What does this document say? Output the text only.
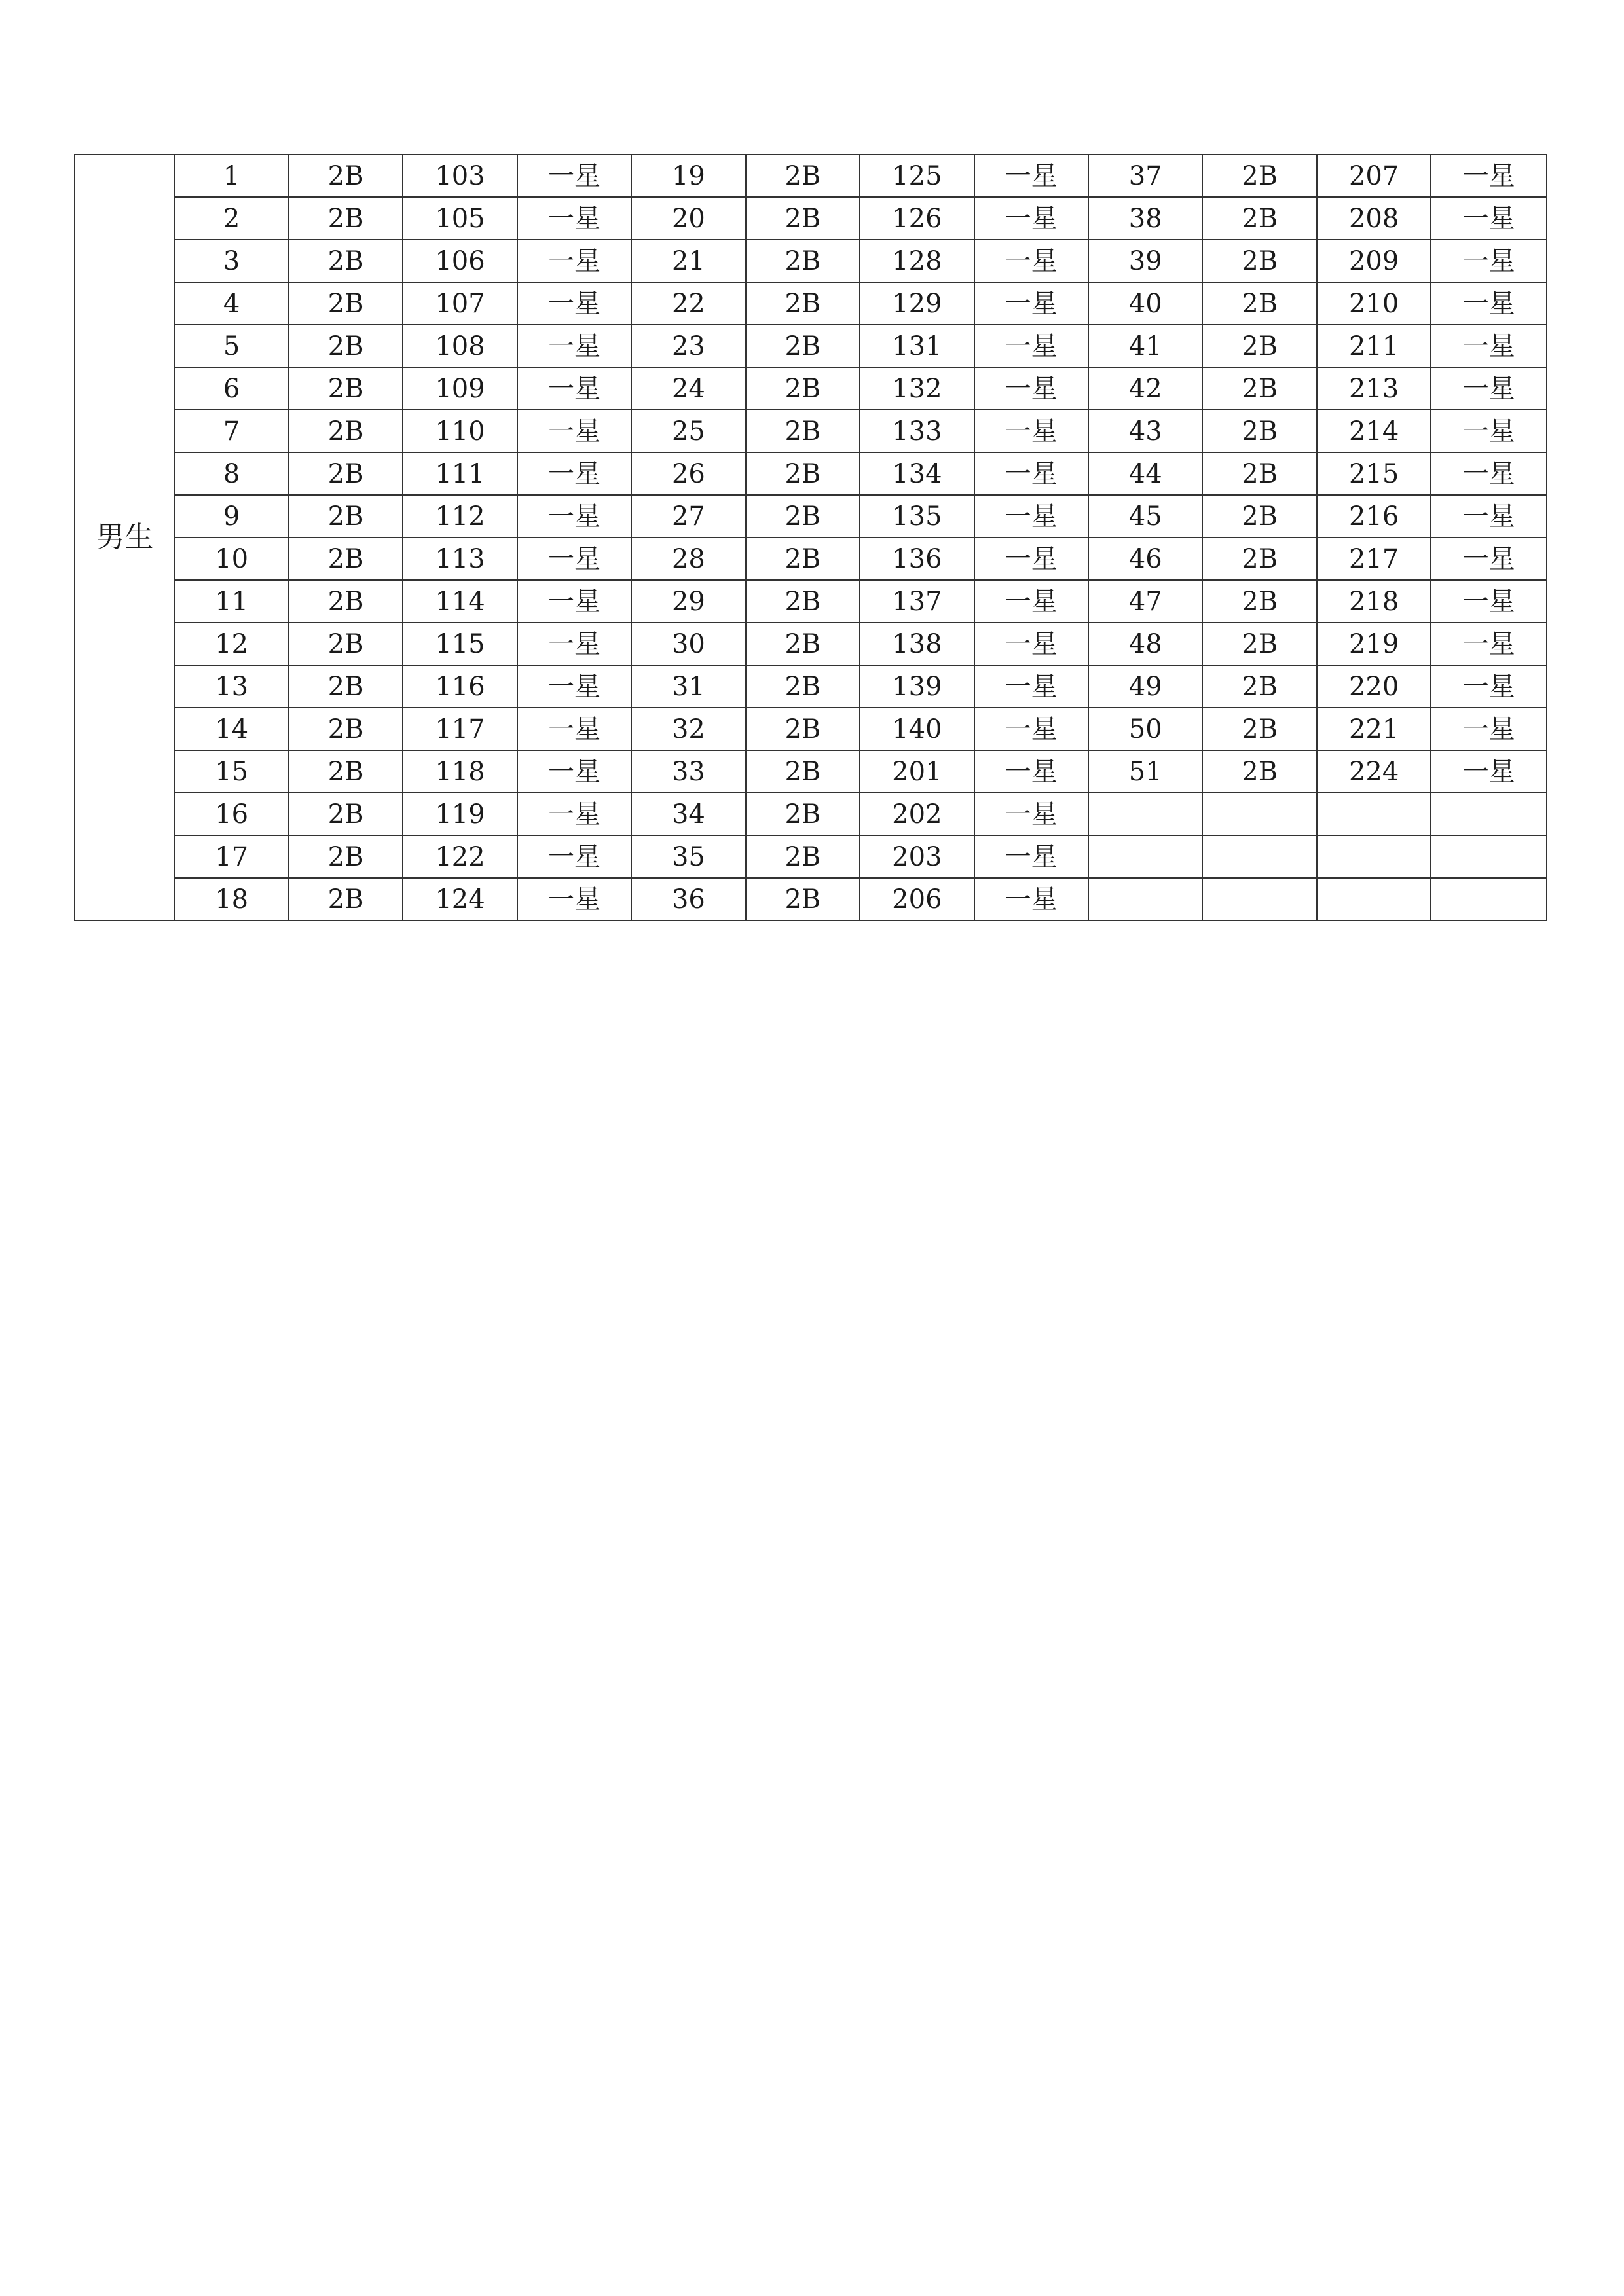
男生	1	2B	103	一星	19	2B	125	一星	37	2B	207	一星
	2	2B	105	一星	20	2B	126	一星	38	2B	208	一星
	3	2B	106	一星	21	2B	128	一星	39	2B	209	一星
	4	2B	107	一星	22	2B	129	一星	40	2B	210	一星
	5	2B	108	一星	23	2B	131	一星	41	2B	211	一星
	6	2B	109	一星	24	2B	132	一星	42	2B	213	一星
	7	2B	110	一星	25	2B	133	一星	43	2B	214	一星
	8	2B	111	一星	26	2B	134	一星	44	2B	215	一星
	9	2B	112	一星	27	2B	135	一星	45	2B	216	一星
	10	2B	113	一星	28	2B	136	一星	46	2B	217	一星
	11	2B	114	一星	29	2B	137	一星	47	2B	218	一星
	12	2B	115	一星	30	2B	138	一星	48	2B	219	一星
	13	2B	116	一星	31	2B	139	一星	49	2B	220	一星
	14	2B	117	一星	32	2B	140	一星	50	2B	221	一星
	15	2B	118	一星	33	2B	201	一星	51	2B	224	一星
	16	2B	119	一星	34	2B	202	一星				
	17	2B	122	一星	35	2B	203	一星				
	18	2B	124	一星	36	2B	206	一星				
